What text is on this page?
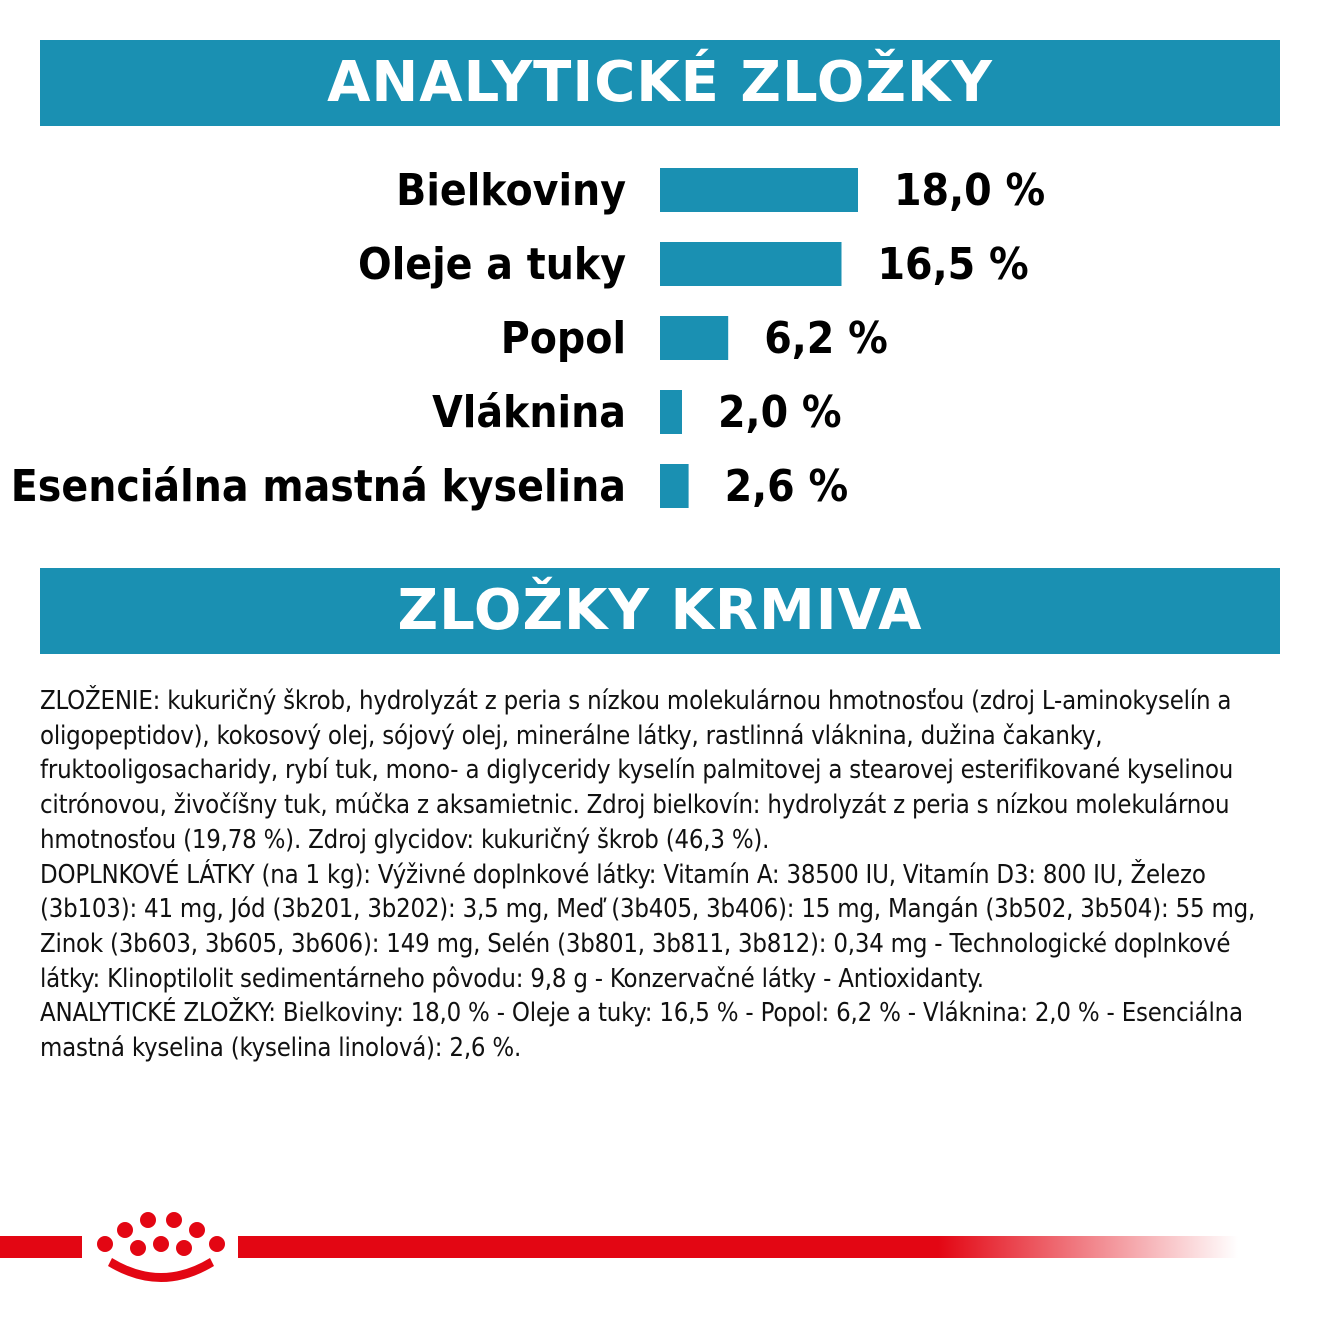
ANALYTICKÉ ZLOŽKY
Bielkoviny	18,0 %
Oleje a tuky	16,5 %
Popol	6,2 %
Vláknina 2,0 %
Esenciálna mastná kyselina 2,6 %
ZLOŽKY KRMIVA

ZLOŽENIE: kukuričný škrob, hydrolyzát z peria s nízkou molekulárnou hmotnosťou (zdroj L-aminokyselín a oligopeptidov), kokosový olej, sójový olej, minerálne látky, rastlinná vláknina, dužina čakanky, fruktooligosacharidy, rybí tuk, mono- a diglyceridy kyselín palmitovej a stearovej esterifikované kyselinou citrónovou, živočíšny tuk, múčka z aksamietnic. Zdroj bielkovín: hydrolyzát z peria s nízkou molekulárnou hmotnosťou (19,78 %). Zdroj glycidov: kukuričný škrob (46,3 %).

DOPLNKOVÉ LÁTKY (na 1 kg): Výživné doplnkové látky: Vitamín A: 38500 IU, Vitamín D3: 800 IU, Železo (3b103): 41 mg, Jód (3b201, 3b202): 3,5 mg, Meď (3b405, 3b406): 15 mg, Mangán (3b502, 3b504): 55 mg, Zinok (3b603, 3b605, 3b606): 149 mg, Selén (3b801, 3b811, 3b812): 0,34 mg - Technologické doplnkové látky: Klinoptilolit sedimentárneho pôvodu: 9,8 g - Konzervačné látky - Antioxidanty.

ANALYTICKÉ ZLOŽKY: Bielkoviny: 18,0 % - Oleje a tuky: 16,5 % - Popol: 6,2 % - Vláknina: 2,0 % - Esenciálna mastná kyselina (kyselina linolová): 2,6 %.
